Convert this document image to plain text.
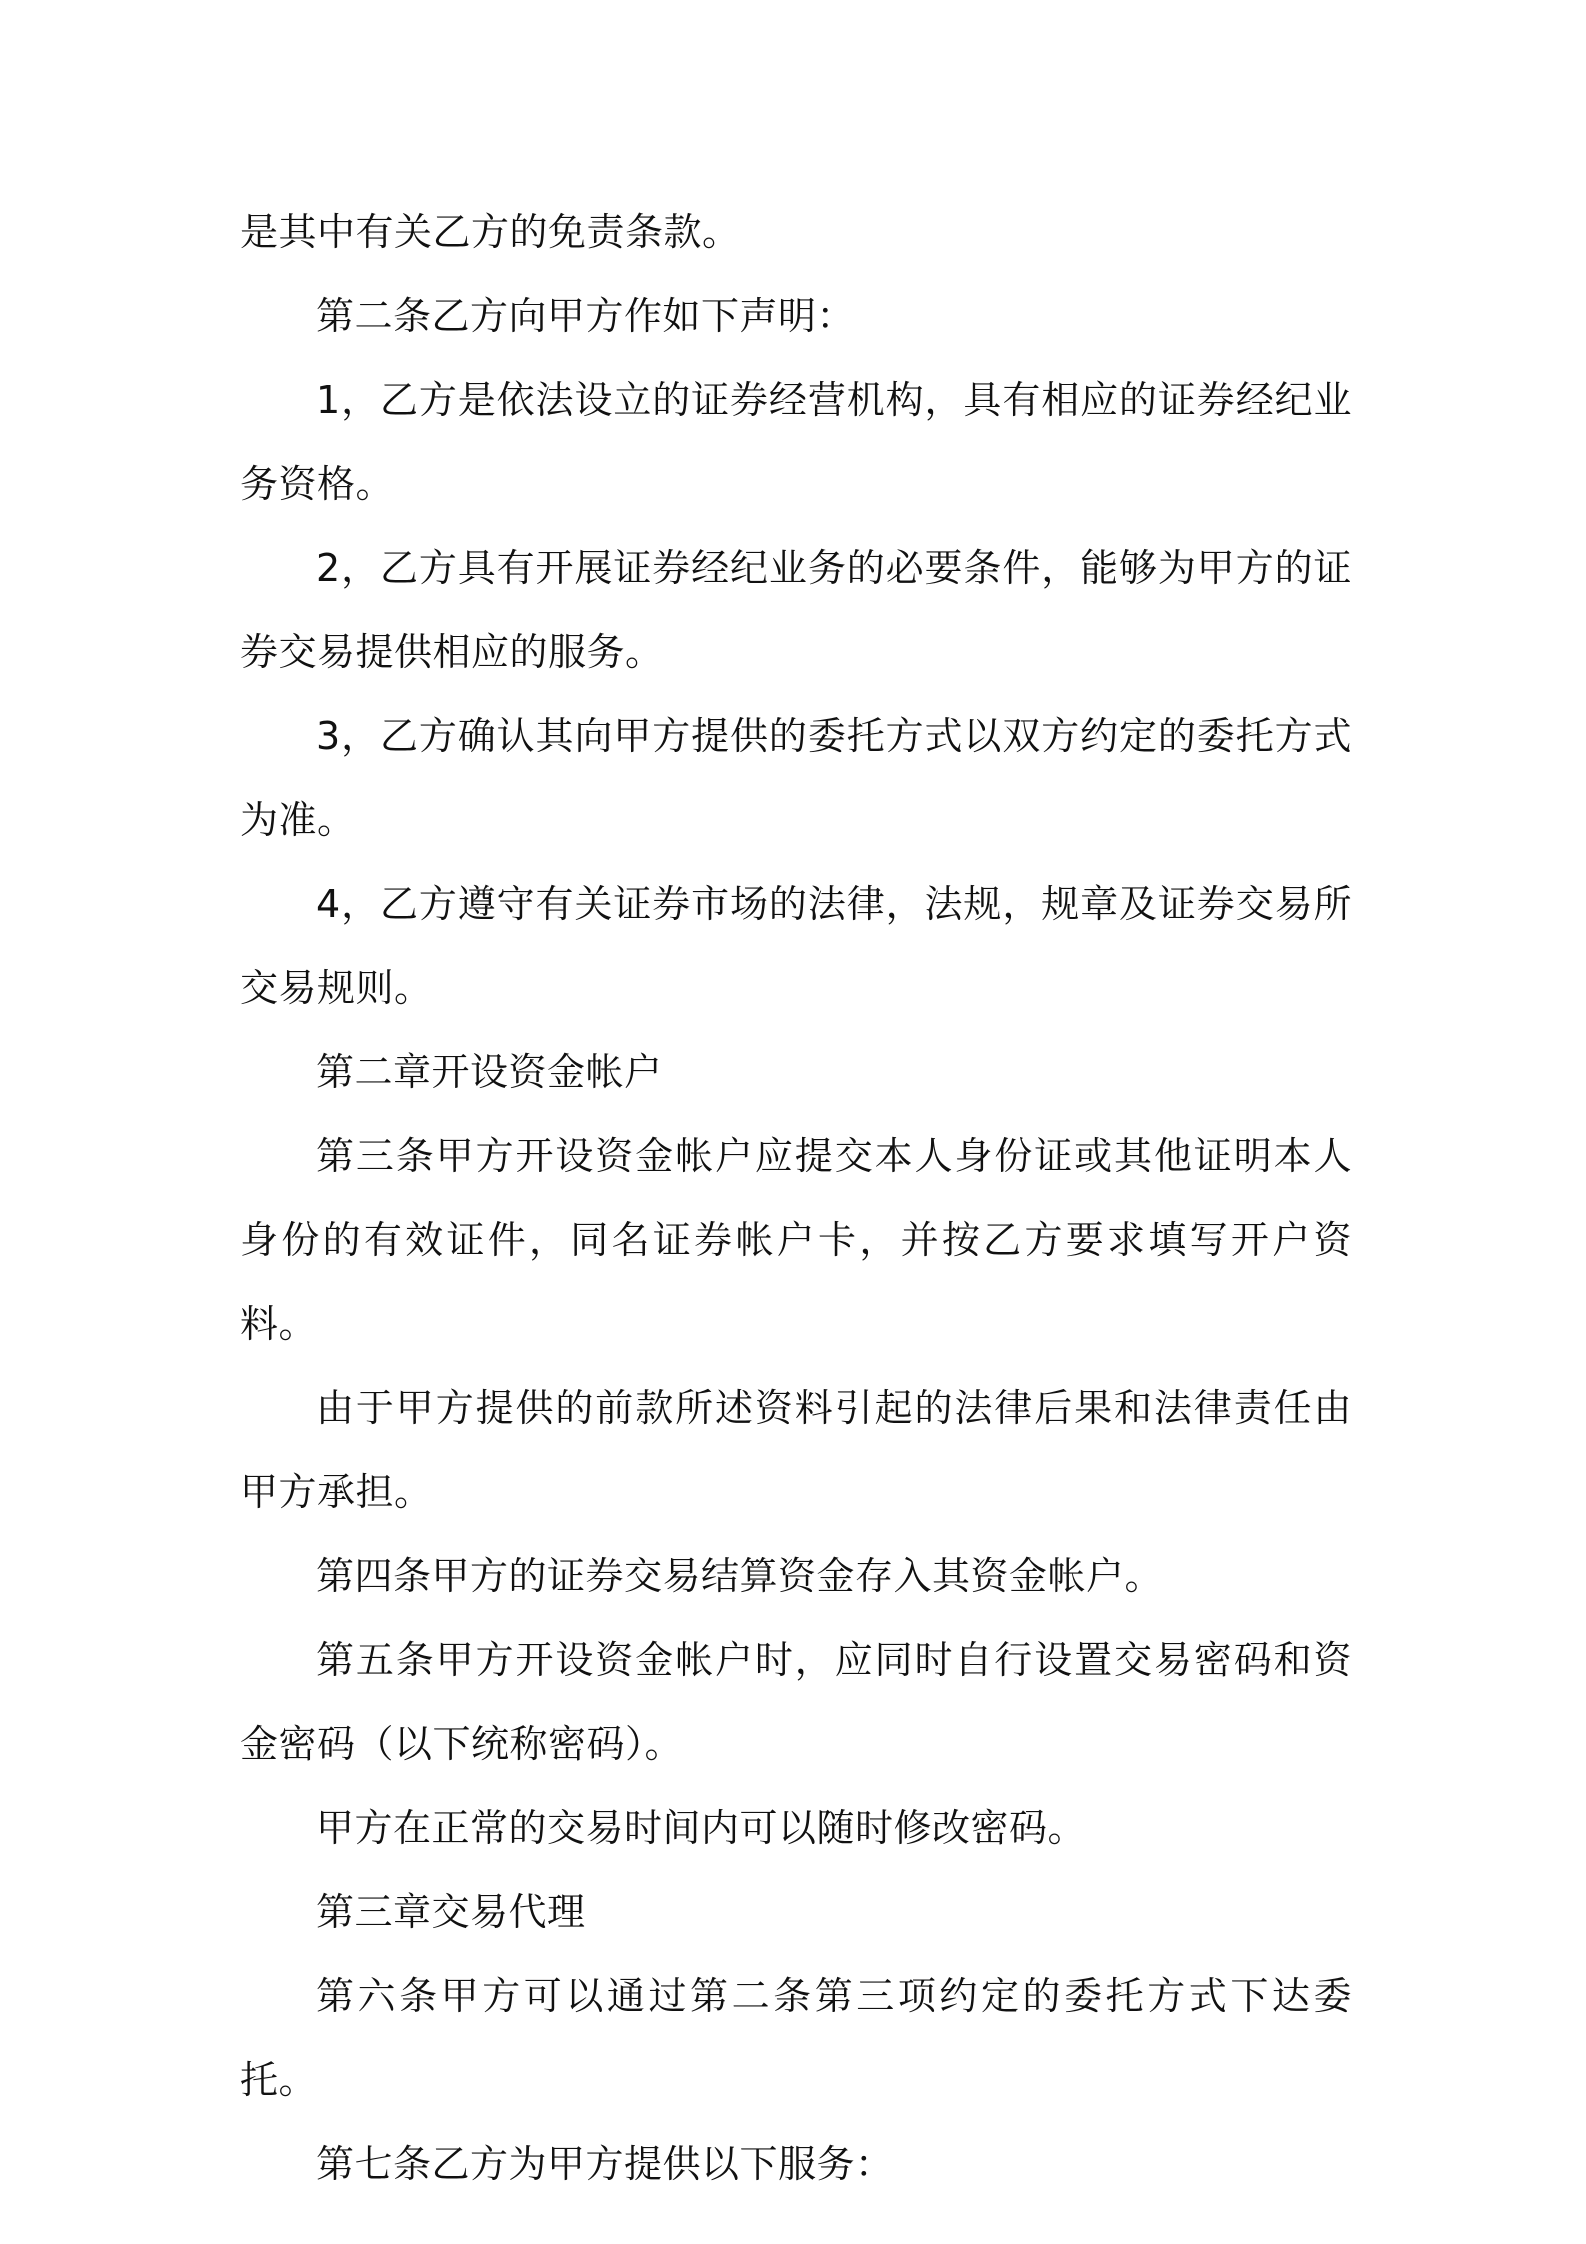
是其中有关乙方的免责条款。

第二条乙方向甲方作如下声明：

1，乙方是依法设立的证券经营机构，具有相应的证券经纪业务资格。

2，乙方具有开展证券经纪业务的必要条件，能够为甲方的证券交易提供相应的服务。

3，乙方确认其向甲方提供的委托方式以双方约定的委托方式为准。

4，乙方遵守有关证券市场的法律，法规，规章及证券交易所交易规则。

第二章开设资金帐户

第三条甲方开设资金帐户应提交本人身份证或其他证明本人身份的有效证件，同名证券帐户卡，并按乙方要求填写开户资料。

由于甲方提供的前款所述资料引起的法律后果和法律责任由甲方承担。

第四条甲方的证券交易结算资金存入其资金帐户。

第五条甲方开设资金帐户时，应同时自行设置交易密码和资金密码（以下统称密码）。

甲方在正常的交易时间内可以随时修改密码。

第三章交易代理

第六条甲方可以通过第二条第三项约定的委托方式下达委托。

第七条乙方为甲方提供以下服务：
